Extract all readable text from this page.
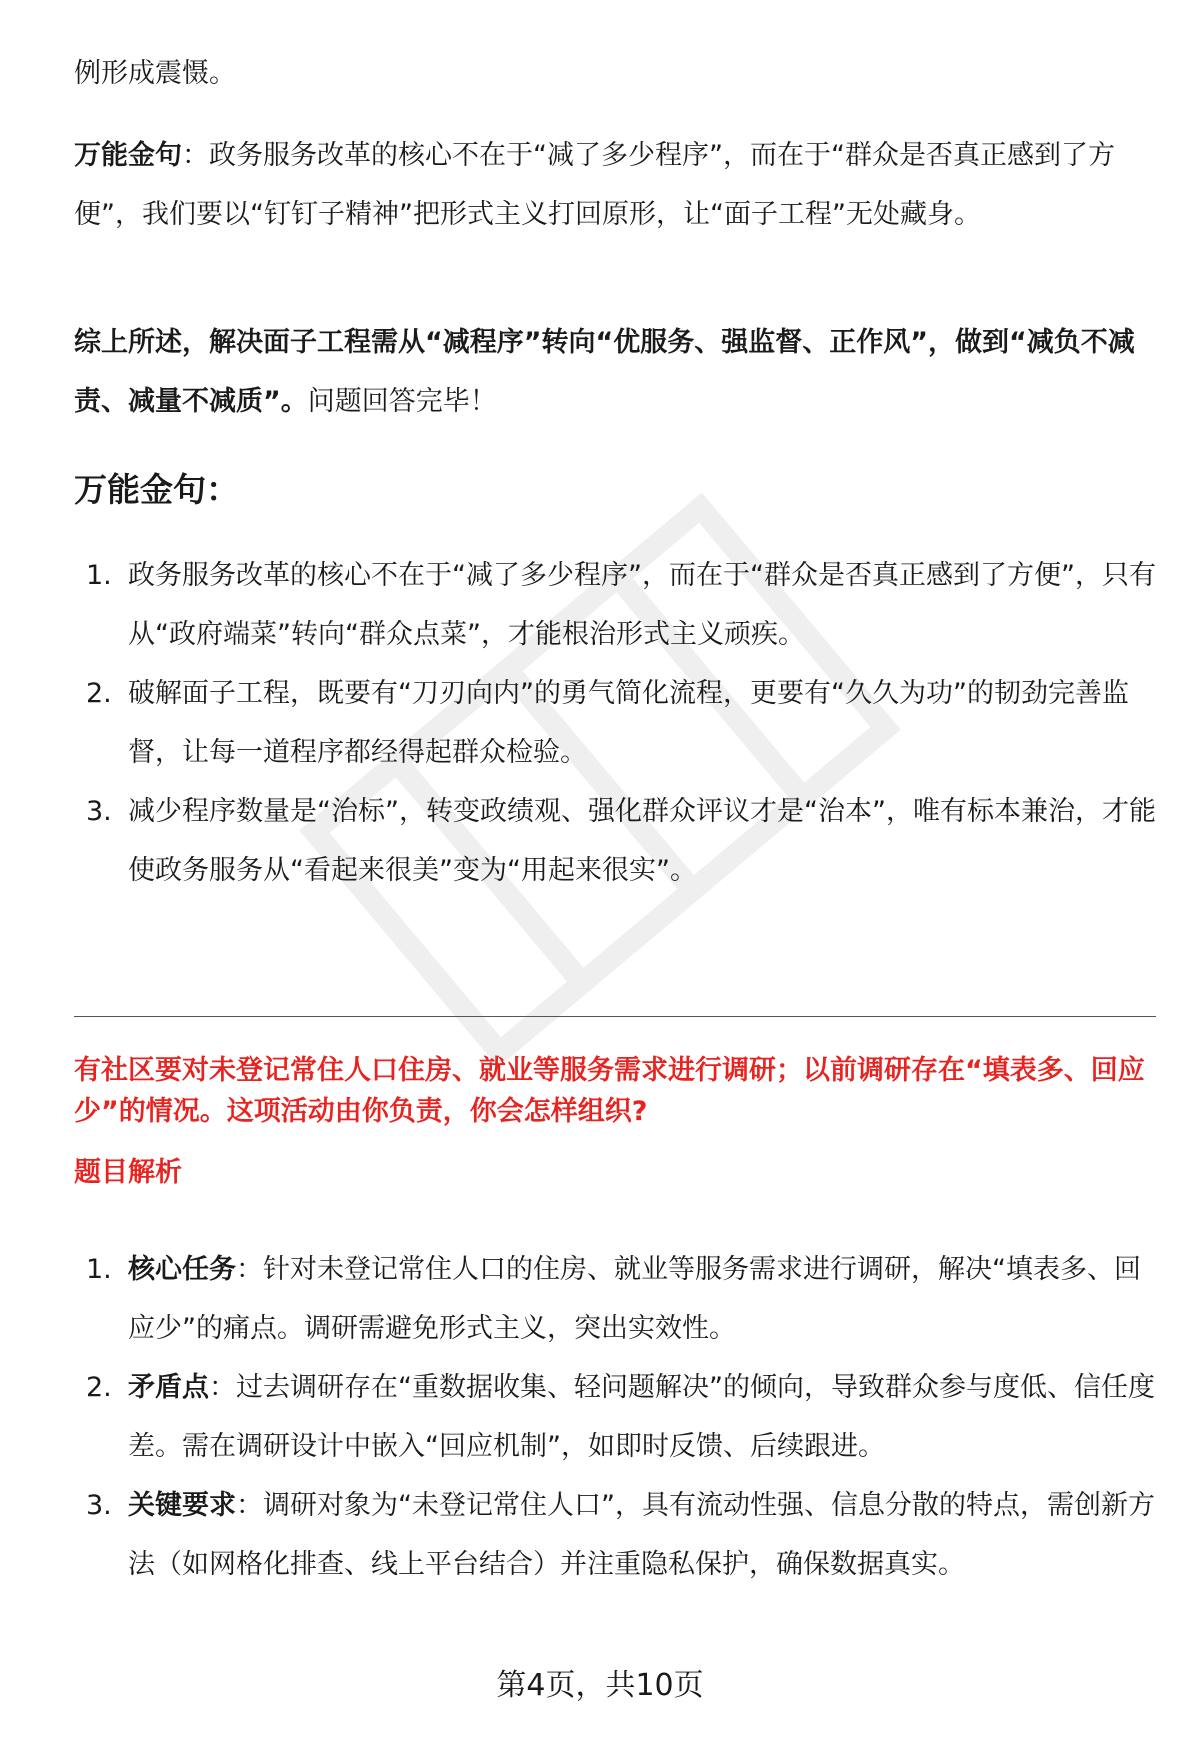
例形成震慑。

万能金句：政务服务改革的核心不在于“减了多少程序”，而在于“群众是否真正感到了方便”，我们要以“钉钉子精神”把形式主义打回原形，让“面子工程”无处藏身。

综上所述，解决面子工程需从“减程序”转向“优服务、强监督、正作风”，做到“减负不减责、减量不减质”。问题回答完毕！

万能金句：
1. 政务服务改革的核心不在于“减了多少程序”，而在于“群众是否真正感到了方便”，只有从“政府端菜”转向“群众点菜”，才能根治形式主义顽疾。
2. 破解面子工程，既要有“刀刃向内”的勇气简化流程，更要有“久久为功”的韧劲完善监督，让每一道程序都经得起群众检验。
3. 减少程序数量是“治标”，转变政绩观、强化群众评议才是“治本”，唯有标本兼治，才能使政务服务从“看起来很美”变为“用起来很实”。

有社区要对未登记常住人口住房、就业等服务需求进行调研；以前调研存在“填表多、回应少”的情况。这项活动由你负责，你会怎样组织?

题目解析

1. 核心任务：针对未登记常住人口的住房、就业等服务需求进行调研，解决“填表多、回应少”的痛点。调研需避免形式主义，突出实效性。
2. 矛盾点：过去调研存在“重数据收集、轻问题解决”的倾向，导致群众参与度低、信任度差。需在调研设计中嵌入“回应机制”，如即时反馈、后续跟进。
3. 关键要求：调研对象为“未登记常住人口”，具有流动性强、信息分散的特点，需创新方法（如网格化排查、线上平台结合）并注重隐私保护，确保数据真实。
第4页，共10页
